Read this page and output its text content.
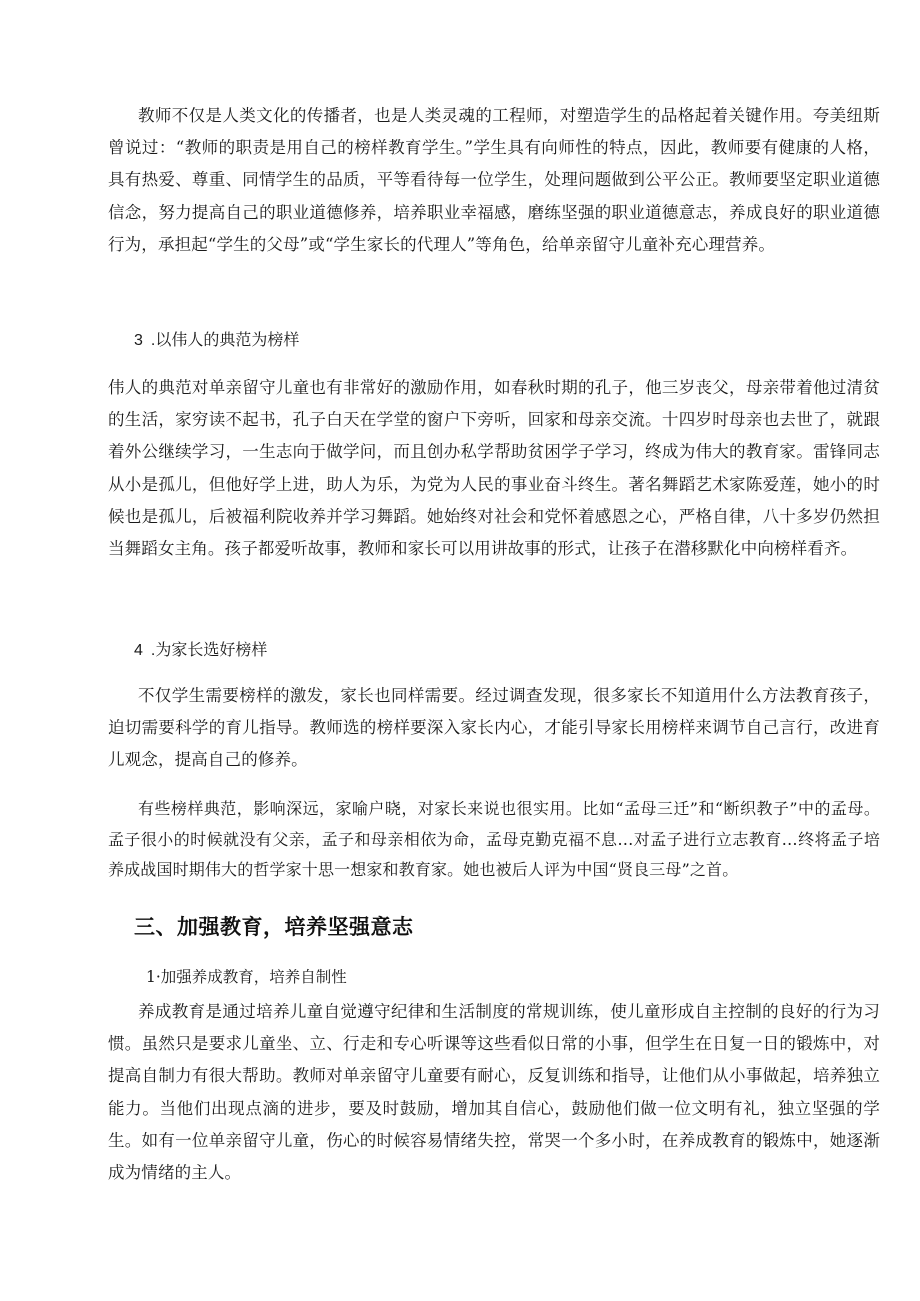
教师不仅是人类文化的传播者，也是人类灵魂的工程师，对塑造学生的品格起着关键作用。夸美纽斯曾说过：“教师的职责是用自己的榜样教育学生。”学生具有向师性的特点，因此，教师要有健康的人格，具有热爱、尊重、同情学生的品质，平等看待每一位学生，处理问题做到公平公正。教师要坚定职业道德信念，努力提高自己的职业道德修养，培养职业幸福感，磨练坚强的职业道德意志，养成良好的职业道德行为，承担起“学生的父母”或“学生家长的代理人”等角色，给单亲留守儿童补充心理营养。

3 .以伟人的典范为榜样

伟人的典范对单亲留守儿童也有非常好的激励作用，如春秋时期的孔子，他三岁丧父，母亲带着他过清贫的生活，家穷读不起书，孔子白天在学堂的窗户下旁听，回家和母亲交流。十四岁时母亲也去世了，就跟着外公继续学习，一生志向于做学问，而且创办私学帮助贫困学子学习，终成为伟大的教育家。雷锋同志从小是孤儿，但他好学上进，助人为乐，为党为人民的事业奋斗终生。著名舞蹈艺术家陈爱莲，她小的时候也是孤儿，后被福利院收养并学习舞蹈。她始终对社会和党怀着感恩之心，严格自律，八十多岁仍然担当舞蹈女主角。孩子都爱听故事，教师和家长可以用讲故事的形式，让孩子在潜移默化中向榜样看齐。

4 .为家长选好榜样

不仅学生需要榜样的激发，家长也同样需要。经过调查发现，很多家长不知道用什么方法教育孩子，迫切需要科学的育儿指导。教师选的榜样要深入家长内心，才能引导家长用榜样来调节自己言行，改进育儿观念，提高自己的修养。

有些榜样典范，影响深远，家喻户晓，对家长来说也很实用。比如“孟母三迁”和“断织教子”中的孟母。孟子很小的时候就没有父亲，孟子和母亲相依为命，孟母克勤克福不息…对孟子进行立志教育…终将孟子培养成战国时期伟大的哲学家十思一想家和教育家。她也被后人评为中国“贤良三母”之首。

三、加强教育，培养坚强意志

1·加强养成教育，培养自制性

养成教育是通过培养儿童自觉遵守纪律和生活制度的常规训练，使儿童形成自主控制的良好的行为习惯。虽然只是要求儿童坐、立、行走和专心听课等这些看似日常的小事，但学生在日复一日的锻炼中，对提高自制力有很大帮助。教师对单亲留守儿童要有耐心，反复训练和指导，让他们从小事做起，培养独立能力。当他们出现点滴的进步，要及时鼓励，增加其自信心，鼓励他们做一位文明有礼，独立坚强的学生。如有一位单亲留守儿童，伤心的时候容易情绪失控，常哭一个多小时，在养成教育的锻炼中，她逐渐成为情绪的主人。
